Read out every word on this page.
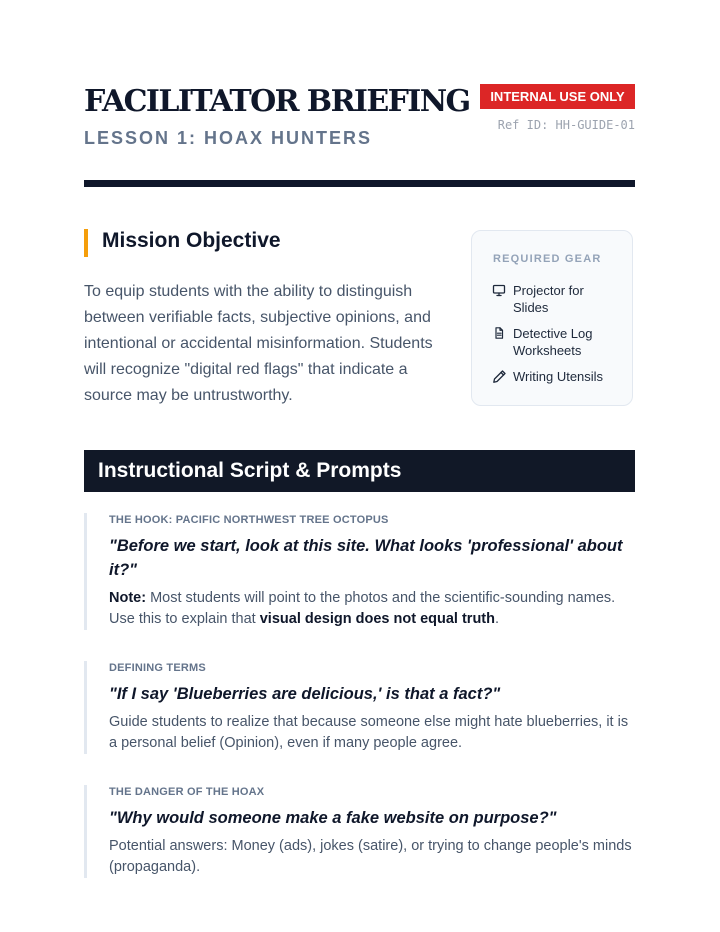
FACILITATOR BRIEFING
LESSON 1: HOAX HUNTERS
INTERNAL USE ONLY
Ref ID: HH-GUIDE-01
Mission Objective

To equip students with the ability to distinguish between verifiable facts, subjective opinions, and intentional or accidental misinformation. Students will recognize "digital red flags" that indicate a source may be untrustworthy.

REQUIRED GEAR
Projector for Slides
Detective Log Worksheets
Writing Utensils
Instructional Script & Prompts
THE HOOK: PACIFIC NORTHWEST TREE OCTOPUS
"Before we start, look at this site. What looks 'professional' about it?"
Note: Most students will point to the photos and the scientific-sounding names. Use this to explain that visual design does not equal truth.
DEFINING TERMS
"If I say 'Blueberries are delicious,' is that a fact?"
Guide students to realize that because someone else might hate blueberries, it is a personal belief (Opinion), even if many people agree.
THE DANGER OF THE HOAX
"Why would someone make a fake website on purpose?"
Potential answers: Money (ads), jokes (satire), or trying to change people's minds (propaganda).
